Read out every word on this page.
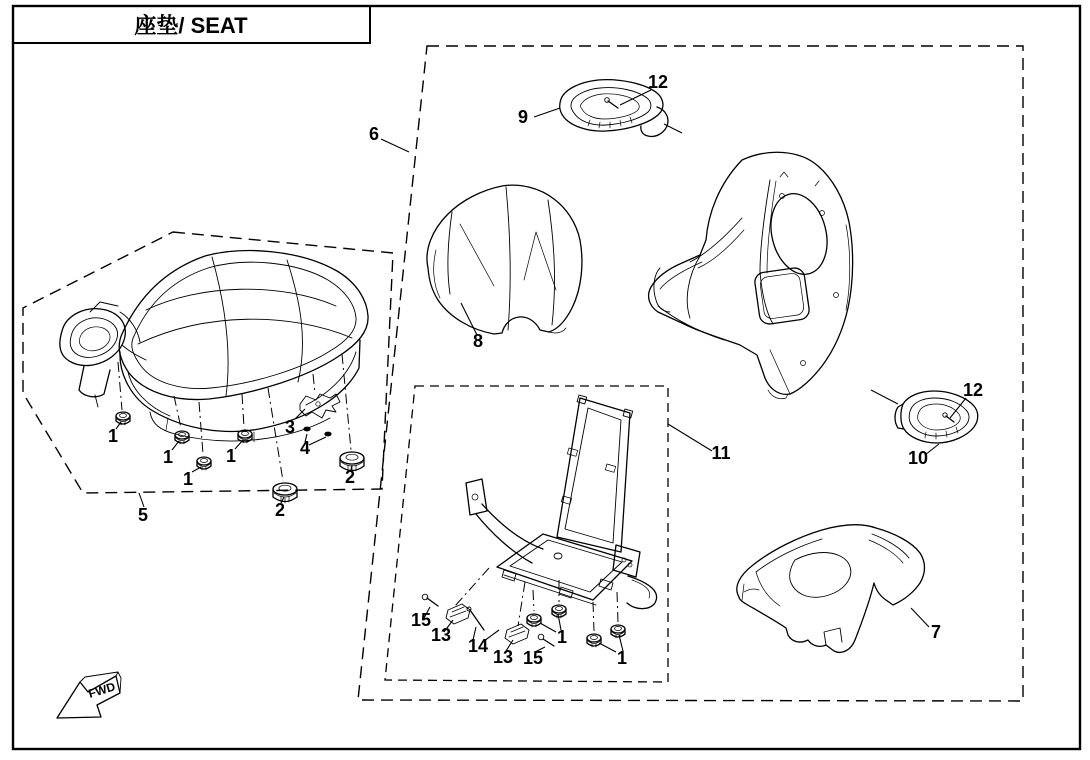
座垫/ SEAT
1
1
1
1
2
2
3
4
5
6
9
12
8
15
13
14
13 15
1
1
11
12
10
7
FWD
